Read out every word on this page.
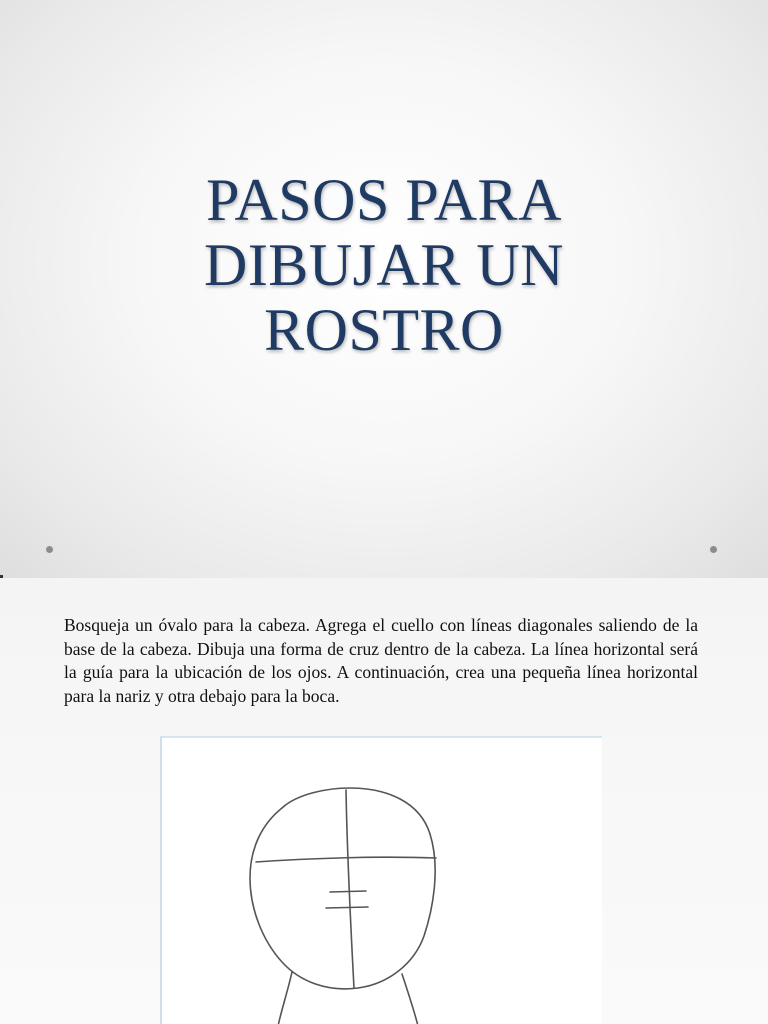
PASOS PARA
DIBUJAR UN
ROSTRO

Bosqueja un óvalo para la cabeza. Agrega el cuello con líneas diagonales saliendo de la base de la cabeza. Dibuja una forma de cruz dentro de la cabeza. La línea horizontal será la guía para la ubicación de los ojos. A continuación, crea una pequeña línea horizontal para la nariz y otra debajo para la boca.
